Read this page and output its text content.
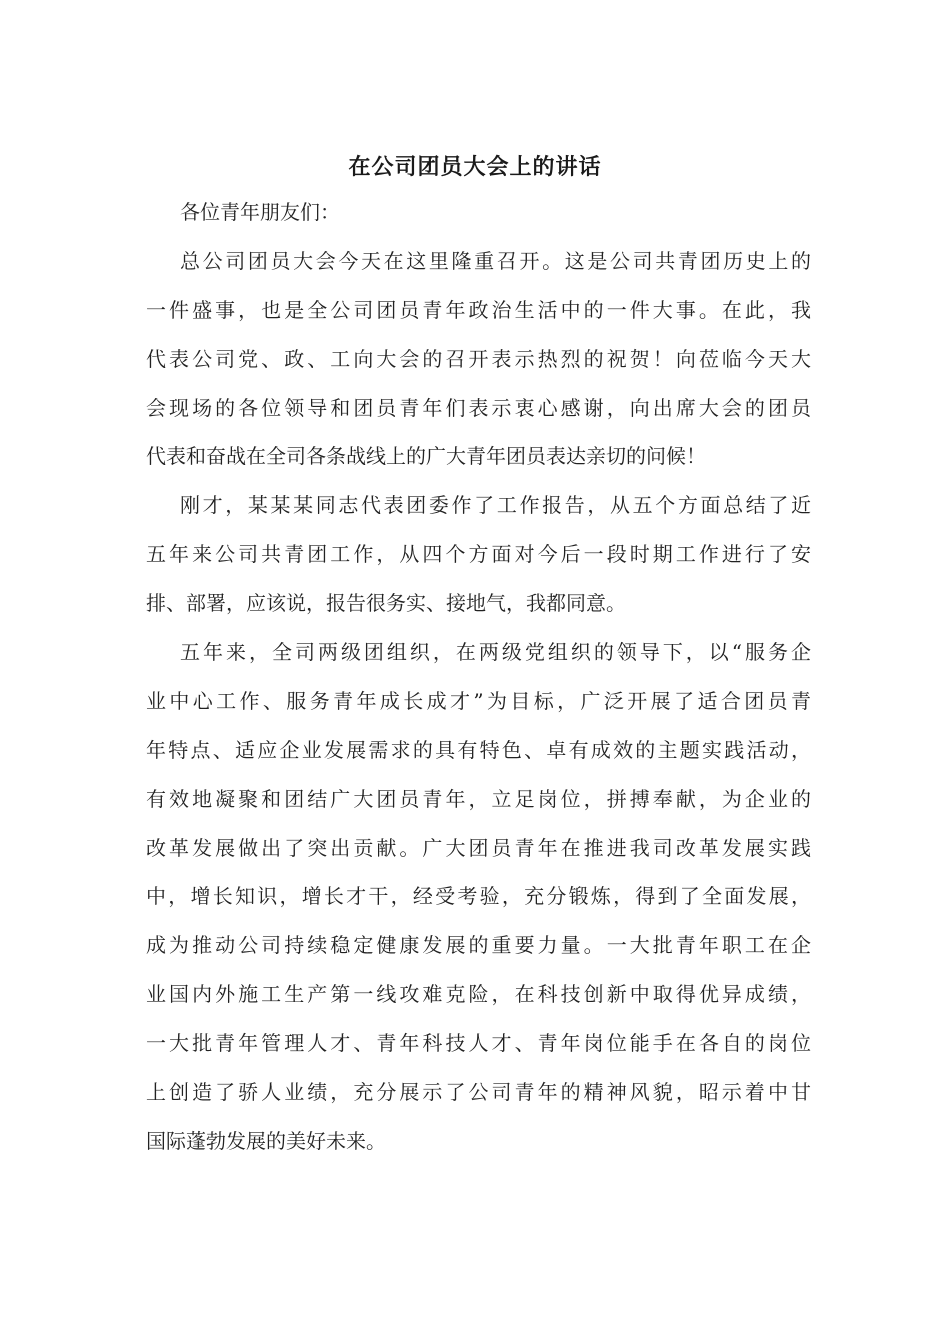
在公司团员大会上的讲话
各位青年朋友们：
总公司团员大会今天在这里隆重召开。这是公司共青团历史上的
一件盛事，也是全公司团员青年政治生活中的一件大事。在此，我
代表公司党、政、工向大会的召开表示热烈的祝贺！向莅临今天大
会现场的各位领导和团员青年们表示衷心感谢，向出席大会的团员
代表和奋战在全司各条战线上的广大青年团员表达亲切的问候！
刚才，某某某同志代表团委作了工作报告，从五个方面总结了近
五年来公司共青团工作，从四个方面对今后一段时期工作进行了安
排、部署，应该说，报告很务实、接地气，我都同意。
五年来，全司两级团组织，在两级党组织的领导下，以“服务企
业中心工作、服务青年成长成才”为目标，广泛开展了适合团员青
年特点、适应企业发展需求的具有特色、卓有成效的主题实践活动，
有效地凝聚和团结广大团员青年，立足岗位，拼搏奉献，为企业的
改革发展做出了突出贡献。广大团员青年在推进我司改革发展实践
中，增长知识，增长才干，经受考验，充分锻炼，得到了全面发展，
成为推动公司持续稳定健康发展的重要力量。一大批青年职工在企
业国内外施工生产第一线攻难克险，在科技创新中取得优异成绩，
一大批青年管理人才、青年科技人才、青年岗位能手在各自的岗位
上创造了骄人业绩，充分展示了公司青年的精神风貌，昭示着中甘
国际蓬勃发展的美好未来。
